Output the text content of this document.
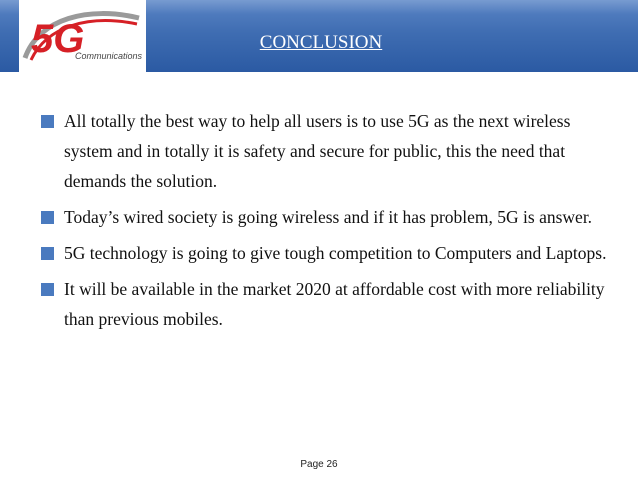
5G
Communications
CONCLUSION
All totally the best way to help all users is to use 5G as the next wireless system and in totally it is safety and secure for public, this the need that demands the solution.
Today’s wired society is going wireless and if it has problem, 5G is answer.
5G technology is going to give tough competition to Computers and Laptops.
It will be available in the market 2020 at affordable cost with more reliability than previous mobiles.
Page 26
